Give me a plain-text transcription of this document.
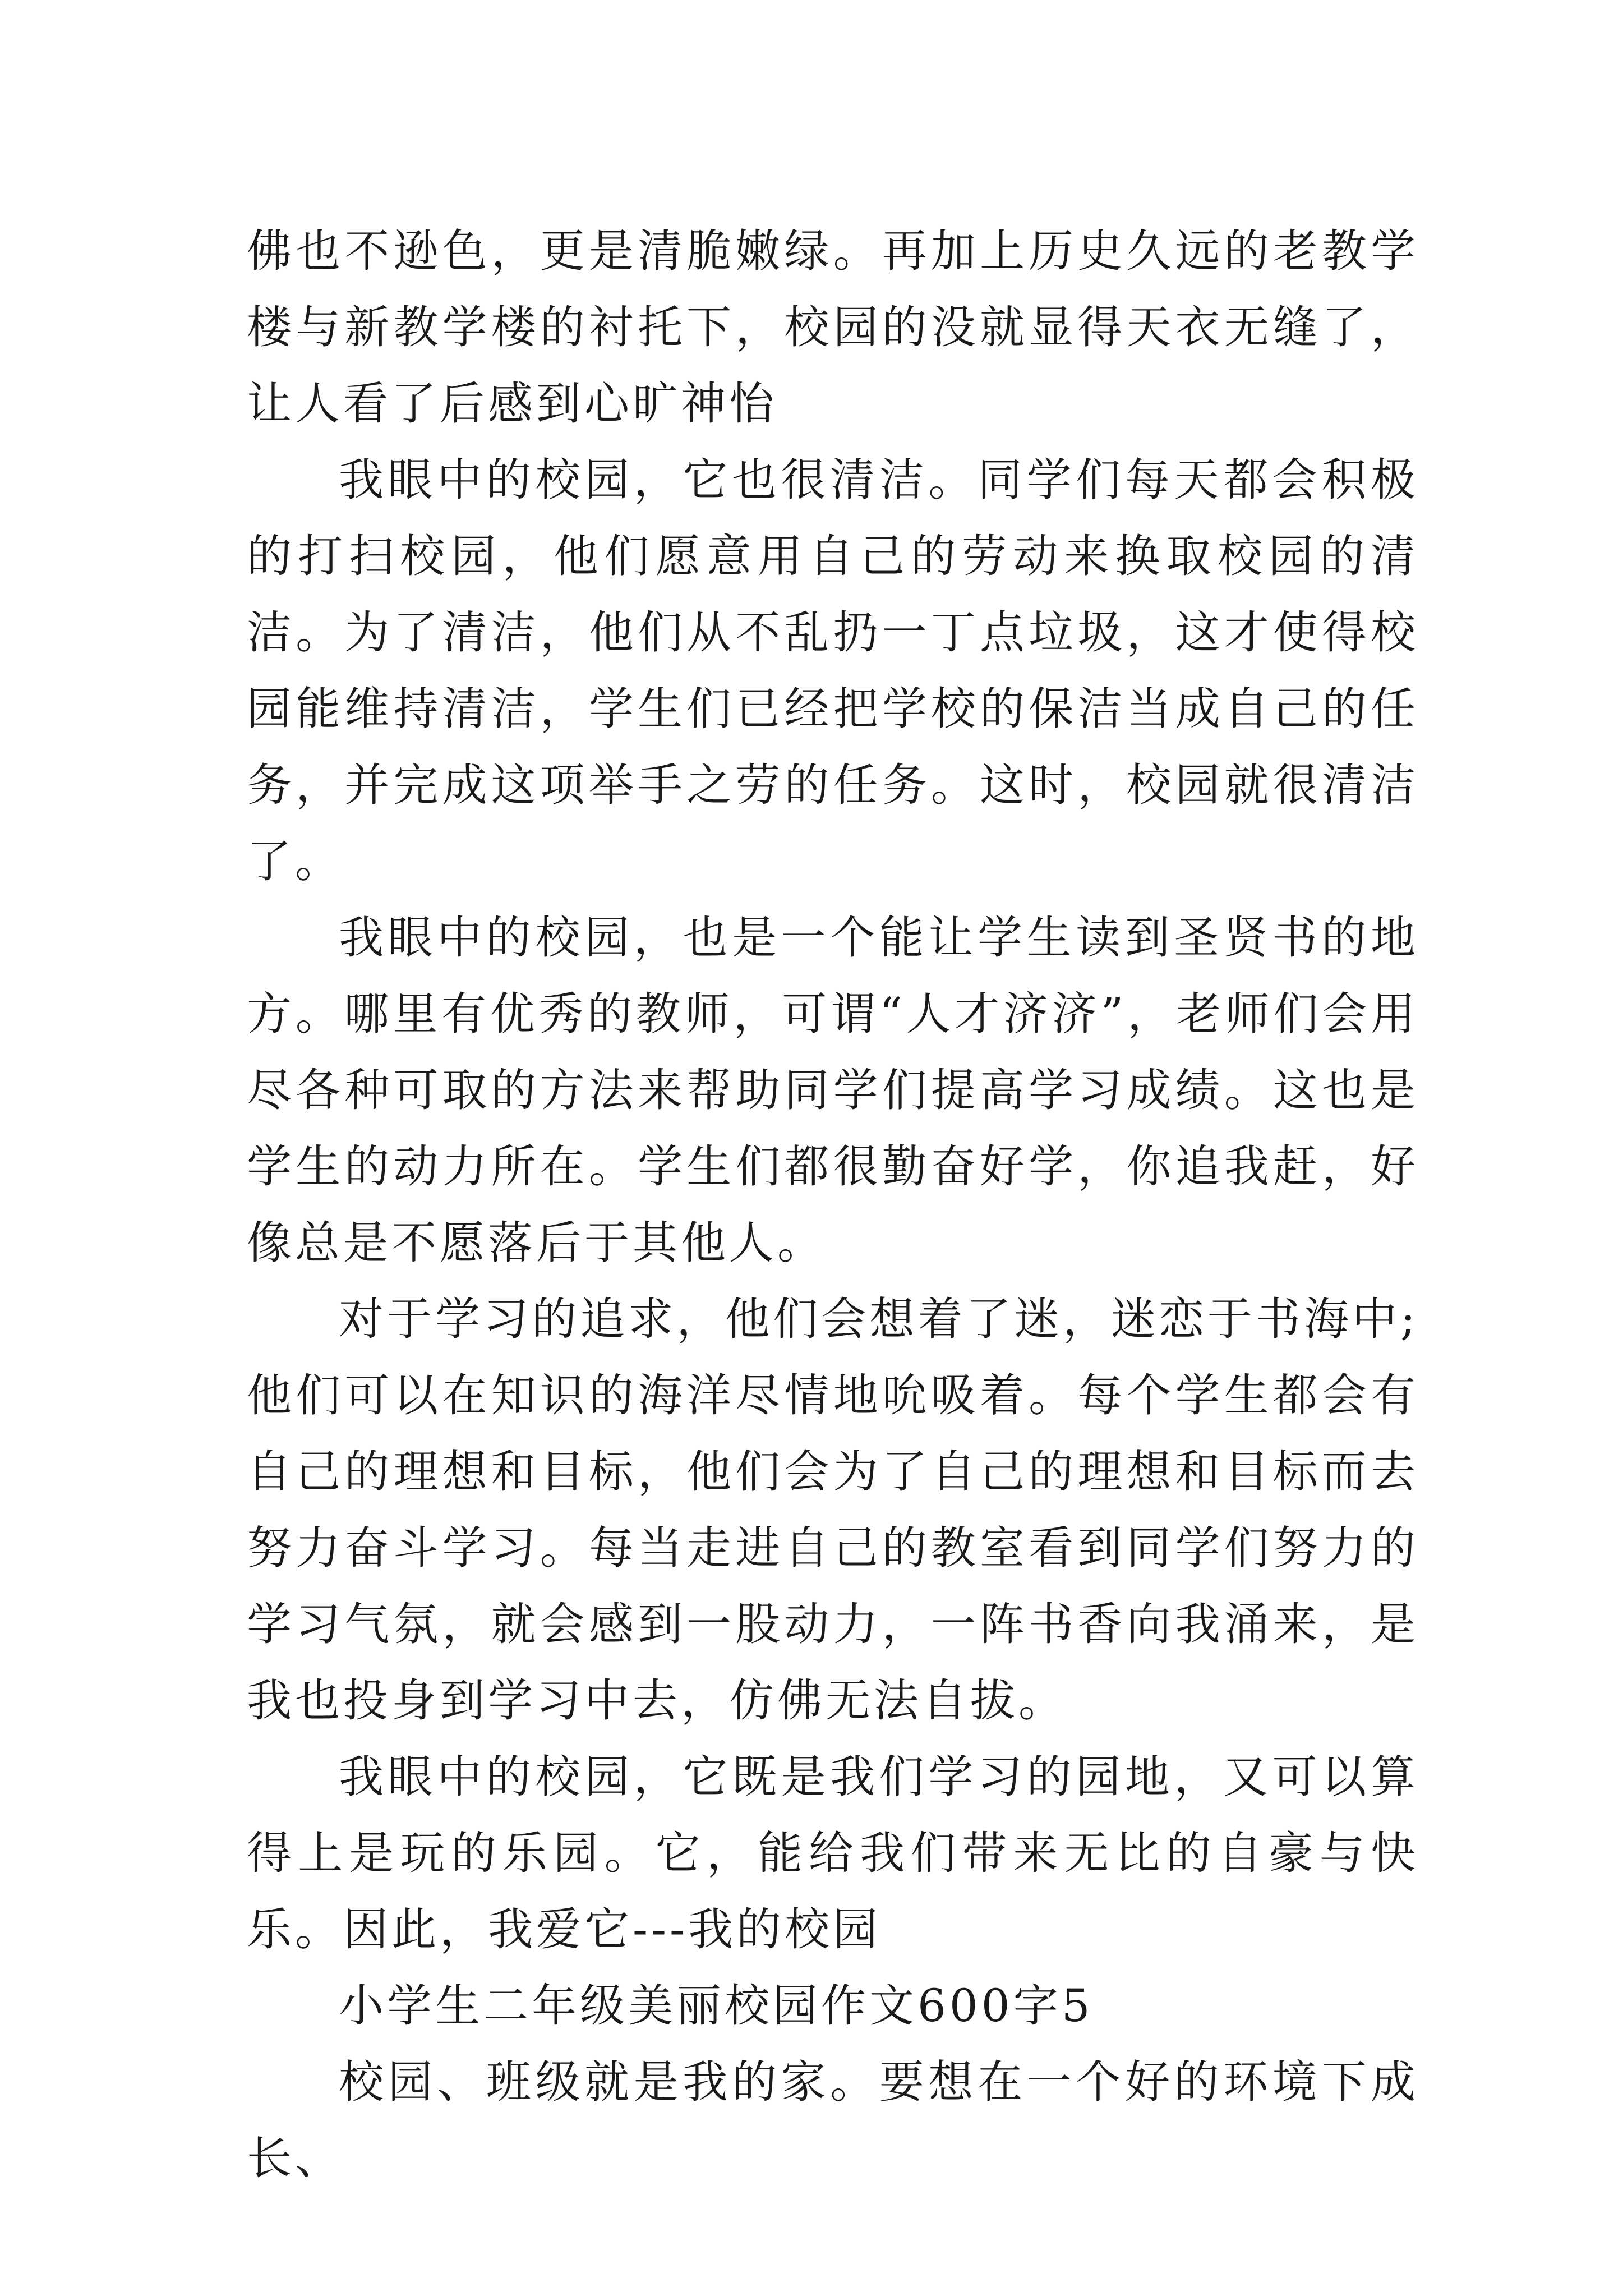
佛也不逊色，更是清脆嫩绿。再加上历史久远的老教学楼与新教学楼的衬托下，校园的没就显得天衣无缝了，让人看了后感到心旷神怡

我眼中的校园，它也很清洁。同学们每天都会积极的打扫校园，他们愿意用自己的劳动来换取校园的清洁。为了清洁，他们从不乱扔一丁点垃圾，这才使得校园能维持清洁，学生们已经把学校的保洁当成自己的任务，并完成这项举手之劳的任务。这时，校园就很清洁了。

我眼中的校园，也是一个能让学生读到圣贤书的地方。哪里有优秀的教师，可谓“人才济济”，老师们会用尽各种可取的方法来帮助同学们提高学习成绩。这也是学生的动力所在。学生们都很勤奋好学，你追我赶，好像总是不愿落后于其他人。

对于学习的追求，他们会想着了迷，迷恋于书海中;他们可以在知识的海洋尽情地吮吸着。每个学生都会有自己的理想和目标，他们会为了自己的理想和目标而去努力奋斗学习。每当走进自己的教室看到同学们努力的学习气氛，就会感到一股动力，一阵书香向我涌来，是我也投身到学习中去，仿佛无法自拔。

我眼中的校园，它既是我们学习的园地，又可以算得上是玩的乐园。它，能给我们带来无比的自豪与快乐。因此，我爱它---我的校园

小学生二年级美丽校园作文600字5

校园、班级就是我的家。要想在一个好的环境下成长、
